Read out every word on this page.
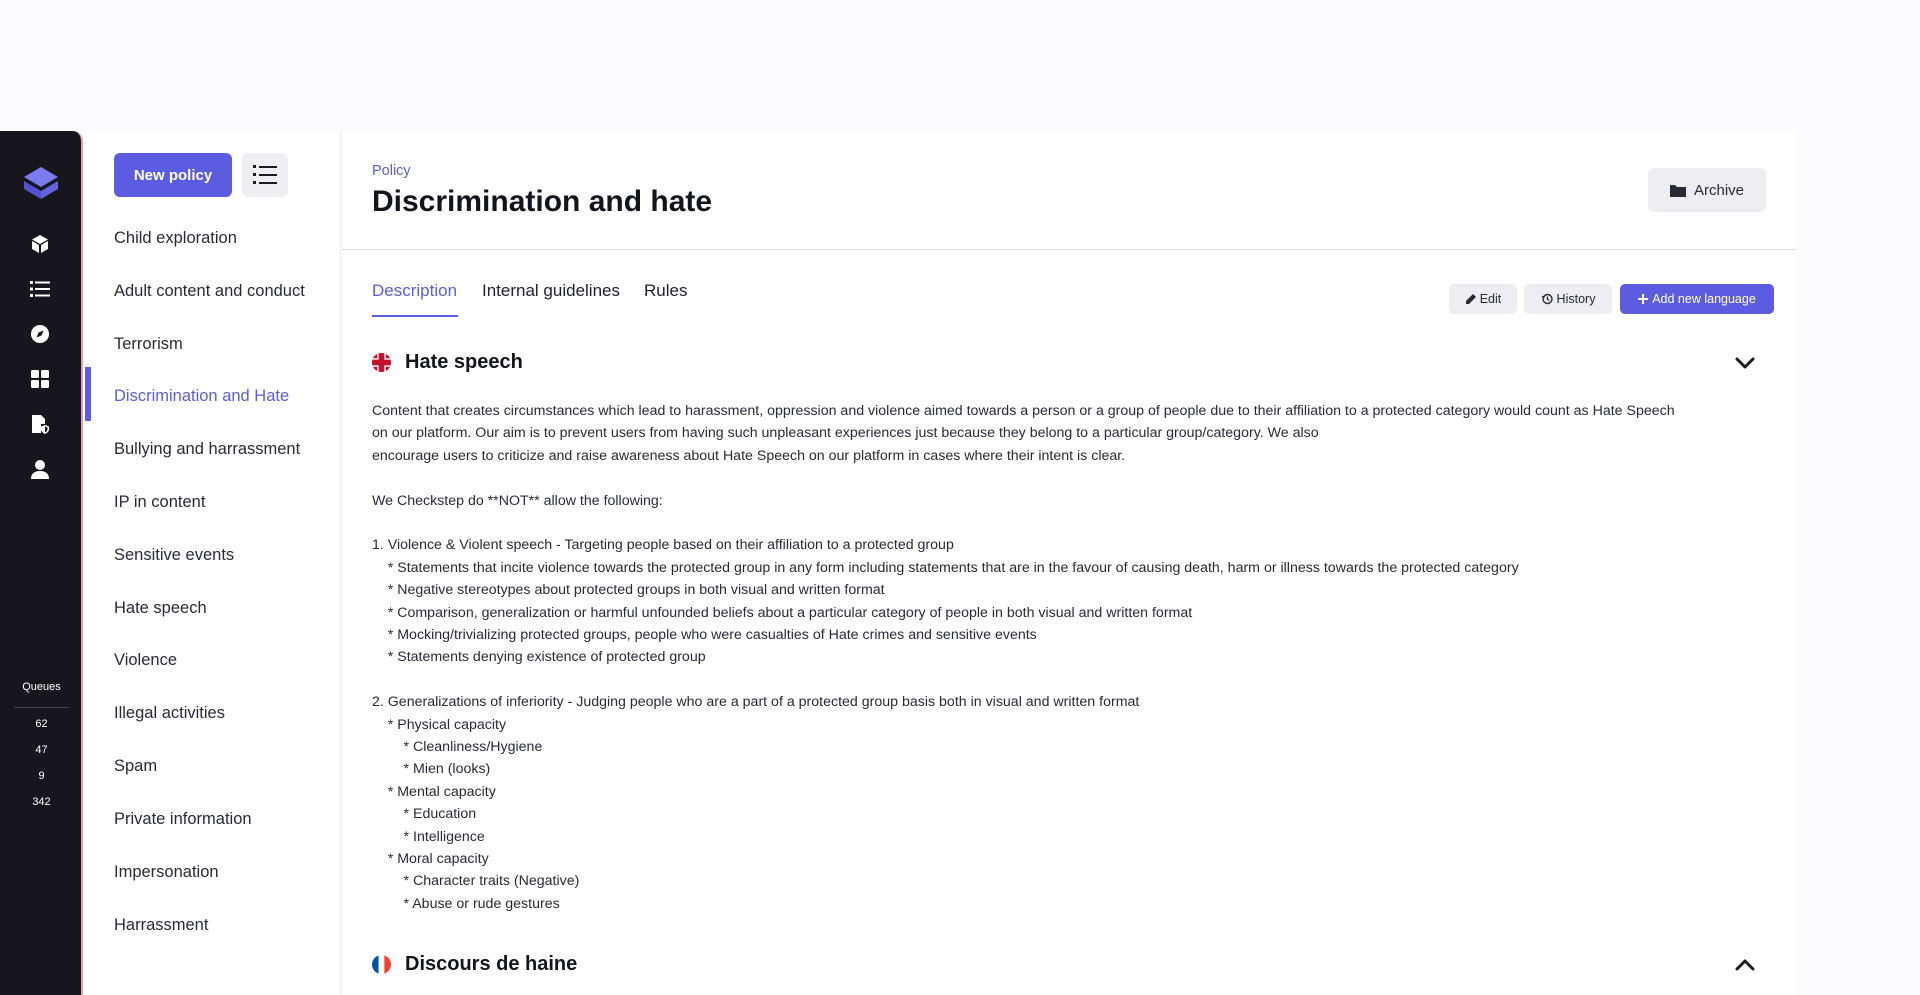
Queues
62
47
9
342
New policy
Child exploration
Adult content and conduct
Terrorism
Discrimination and Hate
Bullying and harrassment
IP in content
Sensitive events
Hate speech
Violence
Illegal activities
Spam
Private information
Impersonation
Harrassment
Policy
Discrimination and hate	Archive
Description Internal guidelines Rules	Edit	History	Add new language
Hate speech

Content that creates circumstances which lead to harassment, oppression and violence aimed towards a person or a group of people due to their affiliation to a protected category would count as Hate Speech

on our platform. Our aim is to prevent users from having such unpleasant experiences just because they belong to a particular group/category. We also

encourage users to criticize and raise awareness about Hate Speech on our platform in cases where their intent is clear.

We Checkstep do **NOT** allow the following:

1. Violence & Violent speech - Targeting people based on their affiliation to a protected group

* Statements that incite violence towards the protected group in any form including statements that are in the favour of causing death, harm or illness towards the protected category

* Negative stereotypes about protected groups in both visual and written format

* Comparison, generalization or harmful unfounded beliefs about a particular category of people in both visual and written format

* Mocking/trivializing protected groups, people who were casualties of Hate crimes and sensitive events

* Statements denying existence of protected group

2. Generalizations of inferiority - Judging people who are a part of a protected group basis both in visual and written format

* Physical capacity

* Cleanliness/Hygiene

* Mien (looks)

* Mental capacity

* Education

* Intelligence

* Moral capacity

* Character traits (Negative)

* Abuse or rude gestures

Discours de haine
